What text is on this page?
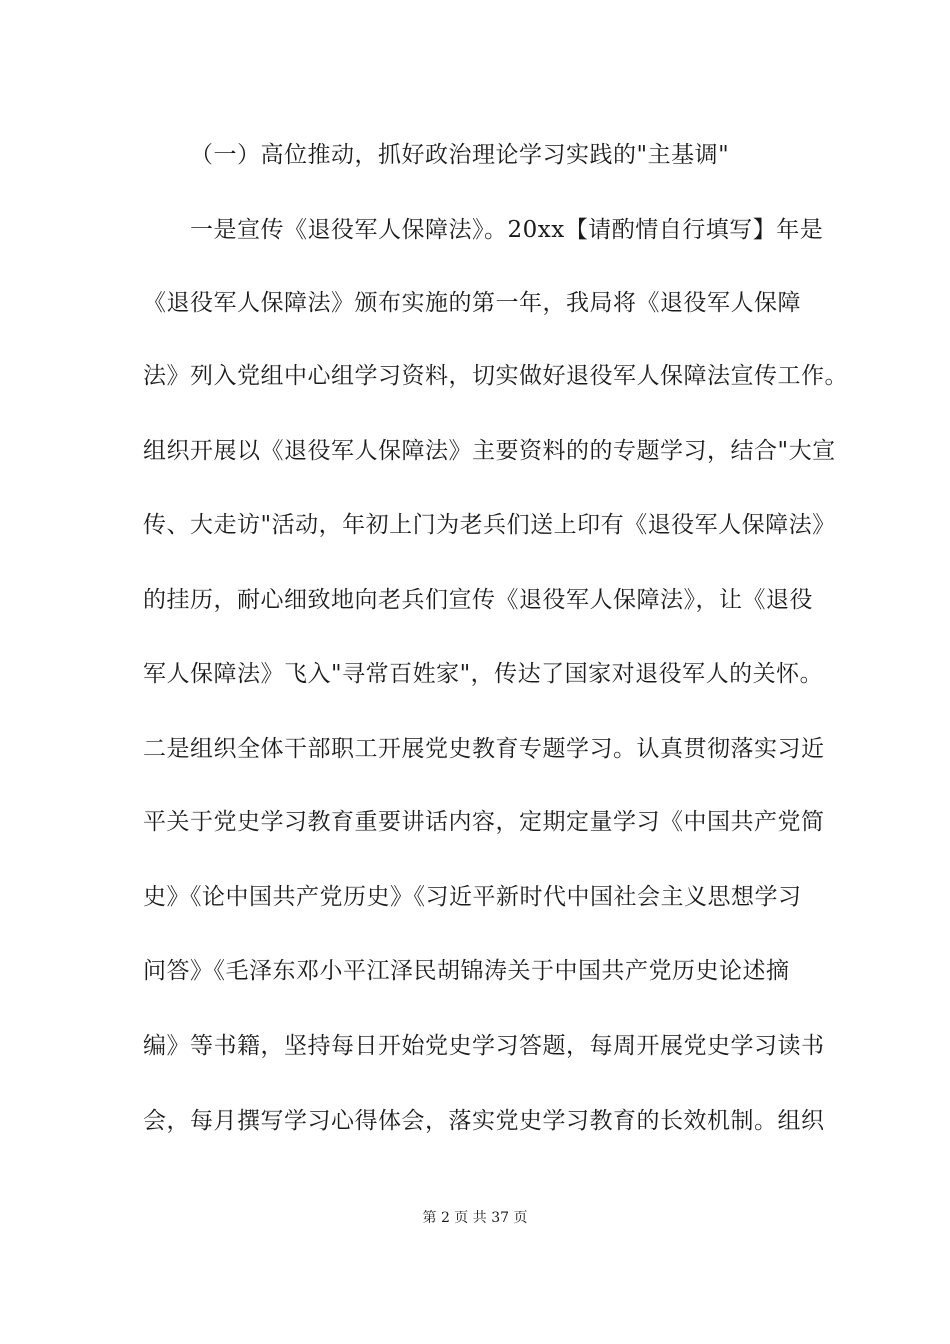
（一）高位推动，抓好政治理论学习实践的"主基调"
一是宣传《退役军人保障法》。20xx【请酌情自行填写】年是
《退役军人保障法》颁布实施的第一年，我局将《退役军人保障
法》列入党组中心组学习资料，切实做好退役军人保障法宣传工作。
组织开展以《退役军人保障法》主要资料的的专题学习，结合"大宣
传、大走访"活动，年初上门为老兵们送上印有《退役军人保障法》
的挂历，耐心细致地向老兵们宣传《退役军人保障法》，让《退役
军人保障法》飞入"寻常百姓家"，传达了国家对退役军人的关怀。
二是组织全体干部职工开展党史教育专题学习。认真贯彻落实习近
平关于党史学习教育重要讲话内容，定期定量学习《中国共产党简
史》《论中国共产党历史》《习近平新时代中国社会主义思想学习
问答》《毛泽东邓小平江泽民胡锦涛关于中国共产党历史论述摘
编》等书籍，坚持每日开始党史学习答题，每周开展党史学习读书
会，每月撰写学习心得体会，落实党史学习教育的长效机制。组织
第 2 页 共 37 页
